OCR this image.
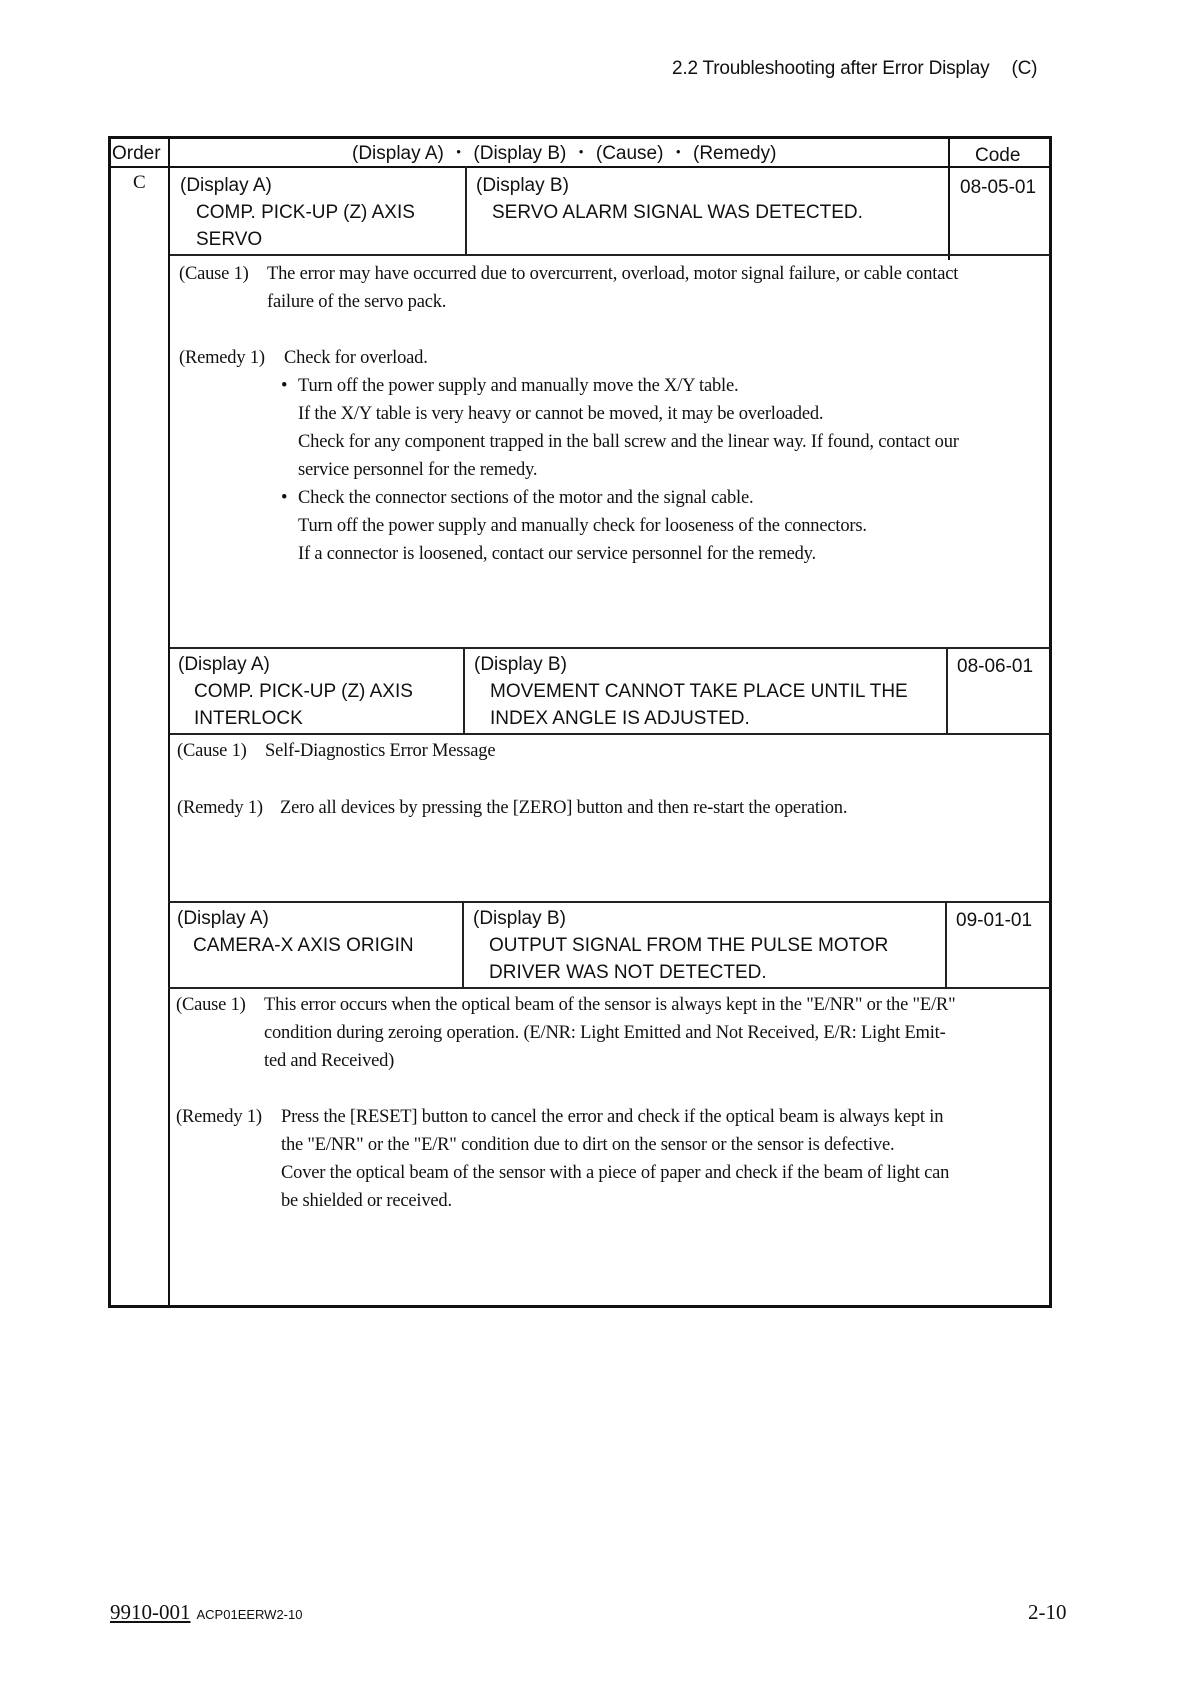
2.2 Troubleshooting after Error Display (C)
Order	(Display A) ・ (Display B) ・ (Cause) ・ (Remedy)	Code
C (Display A)
COMP. PICK-UP (Z) AXIS
SERVO
(Display B)
SERVO ALARM SIGNAL WAS DETECTED.
08-05-01
(Cause 1) The error may have occurred due to overcurrent, overload, motor signal failure, or cable contact
failure of the servo pack.
(Remedy 1) Check for overload.
• Turn off the power supply and manually move the X/Y table.
If the X/Y table is very heavy or cannot be moved, it may be overloaded.
Check for any component trapped in the ball screw and the linear way. If found, contact our
service personnel for the remedy.
• Check the connector sections of the motor and the signal cable.
Turn off the power supply and manually check for looseness of the connectors.
If a connector is loosened, contact our service personnel for the remedy.
(Display A)
COMP. PICK-UP (Z) AXIS
INTERLOCK
(Display B)
MOVEMENT CANNOT TAKE PLACE UNTIL THE
INDEX ANGLE IS ADJUSTED.
08-06-01
(Cause 1) Self-Diagnostics Error Message
(Remedy 1) Zero all devices by pressing the [ZERO] button and then re-start the operation.
(Display A)
CAMERA-X AXIS ORIGIN
(Display B)
OUTPUT SIGNAL FROM THE PULSE MOTOR
DRIVER WAS NOT DETECTED.
09-01-01
(Cause 1) This error occurs when the optical beam of the sensor is always kept in the "E/NR" or the "E/R"
condition during zeroing operation. (E/NR: Light Emitted and Not Received, E/R: Light Emit-
ted and Received)
(Remedy 1) Press the [RESET] button to cancel the error and check if the optical beam is always kept in
the "E/NR" or the "E/R" condition due to dirt on the sensor or the sensor is defective.
Cover the optical beam of the sensor with a piece of paper and check if the beam of light can
be shielded or received.
9910-001 ACP01EERW2-10	2-10
